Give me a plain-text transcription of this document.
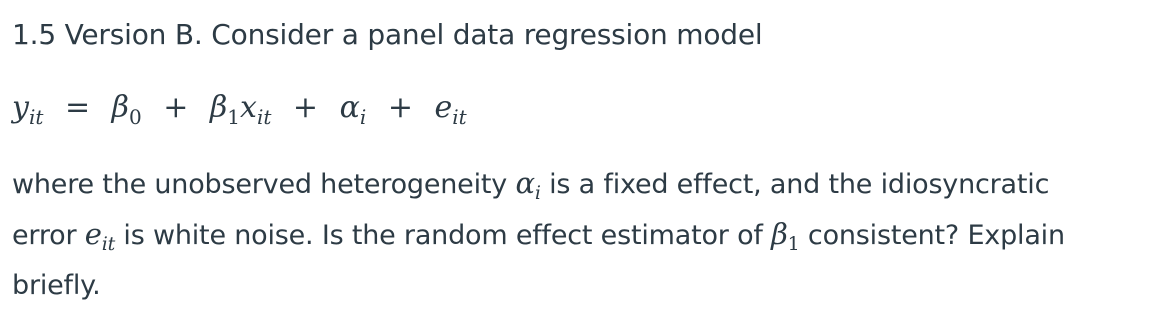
1.5 Version B. Consider a panel data regression model
$y_{it} = \beta_0 + \beta_1x_{it} + \alpha_i + e_{it}$
where the unobserved heterogeneity $\alpha_i$ is a fixed effect, and the idiosyncratic
error $e_{it}$ is white noise. Is the random effect estimator of $\beta_1$ consistent? Explain
briefly.
